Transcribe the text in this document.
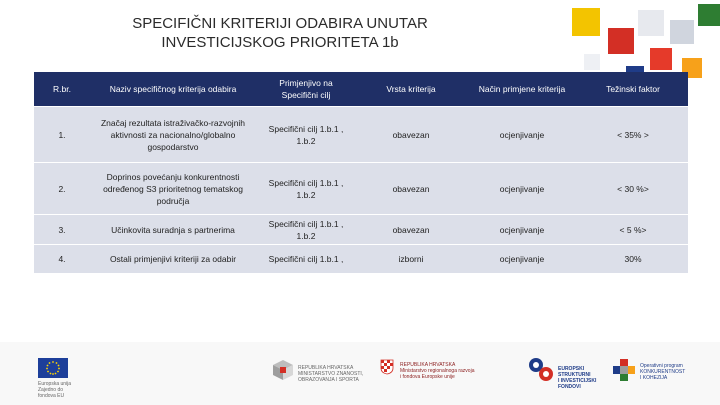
SPECIFIČNI KRITERIJI ODABIRA UNUTAR
INVESTICIJSKOG PRIORITETA 1b
R.br.	Naziv specifičnog kriterija odabira	Primjenjivo na Specifični cilj	Vrsta kriterija	Način primjene kriterija	Težinski faktor
1.	Značaj rezultata istraživačko-razvojnih aktivnosti za nacionalno/globalno gospodarstvo	Specifični cilj 1.b.1 , 1.b.2	obavezan	ocjenjivanje	< 35% >
2.	Doprinos povećanju konkurentnosti određenog S3 prioritetnog tematskog područja	Specifični cilj 1.b.1 , 1.b.2	obavezan	ocjenjivanje	< 30 %>
3.	Učinkovita suradnja s partnerima	Specifični cilj 1.b.1 , 1.b.2	obavezan	ocjenjivanje	< 5 %>
4.	Ostali primjenjivi kriteriji za odabir	Specifični cilj 1.b.1 ,	izborni	ocjenjivanje	30%
Europska unija
Zajedno do fondova EU
REPUBLIKA HRVATSKA
MINISTARSTVO ZNANOSTI,
OBRAZOVANJA I SPORTA
REPUBLIKA HRVATSKA
Ministarstvo regionalnoga razvoja
i fondova Europske unije
EUROPSKI STRUKTURNI
I INVESTICIJSKI FONDOVI
Operativni program
KONKURENTNOST
I KOHEZIJA
